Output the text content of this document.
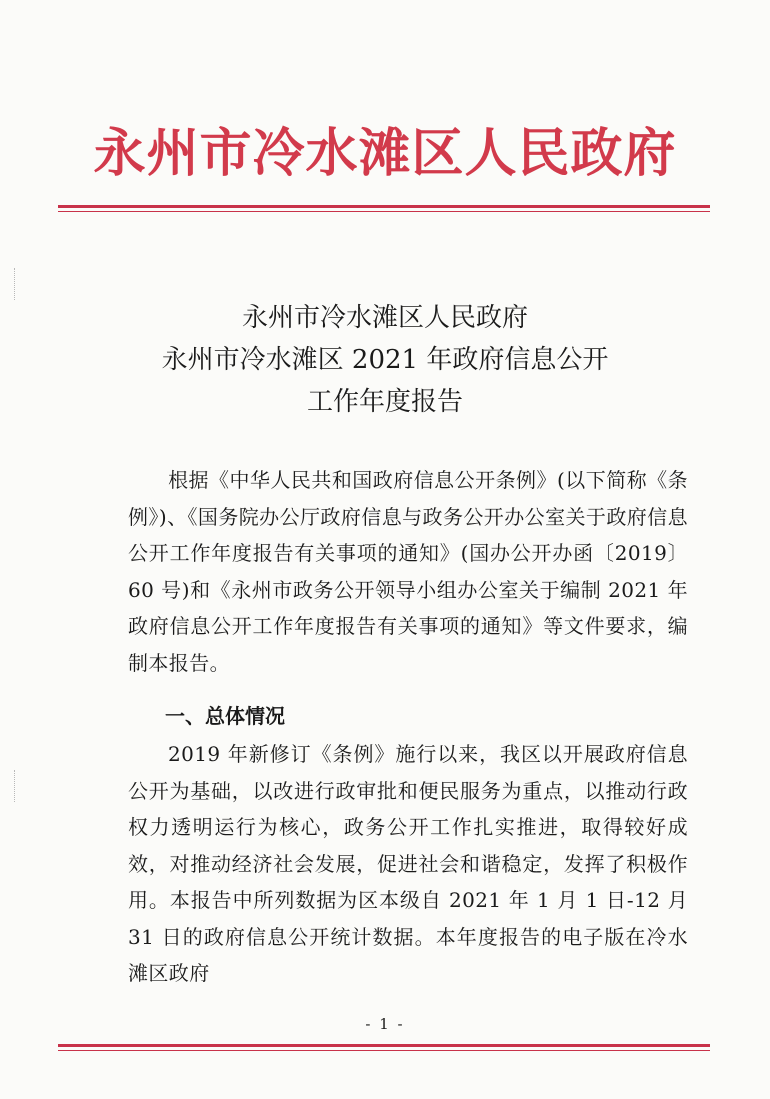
永州市冷水滩区人民政府
永州市冷水滩区人民政府
永州市冷水滩区 2021 年政府信息公开
工作年度报告
根据《中华人民共和国政府信息公开条例》(以下简称《条例》)、《国务院办公厅政府信息与政务公开办公室关于政府信息公开工作年度报告有关事项的通知》(国办公开办函〔2019〕60 号)和《永州市政务公开领导小组办公室关于编制 2021 年政府信息公开工作年度报告有关事项的通知》等文件要求，编制本报告。
一、总体情况
2019 年新修订《条例》施行以来，我区以开展政府信息公开为基础，以改进行政审批和便民服务为重点，以推动行政权力透明运行为核心，政务公开工作扎实推进，取得较好成效，对推动经济社会发展，促进社会和谐稳定，发挥了积极作用。本报告中所列数据为区本级自 2021 年 1 月 1 日-12 月 31 日的政府信息公开统计数据。本年度报告的电子版在冷水滩区政府
- 1 -
